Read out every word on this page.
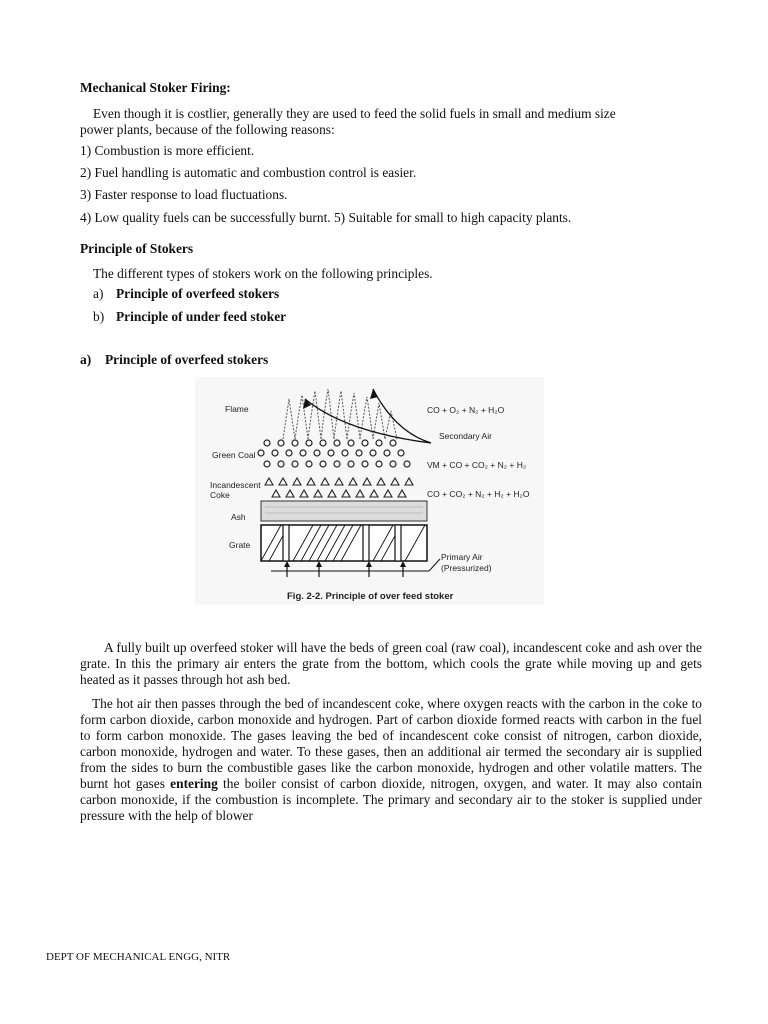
Mechanical Stoker Firing:
Even though it is costlier, generally they are used to feed the solid fuels in small and medium size
power plants, because of the following reasons:
1) Combustion is more efficient.
2) Fuel handling is automatic and combustion control is easier.
3) Faster response to load fluctuations.
4) Low quality fuels can be successfully burnt. 5) Suitable for small to high capacity plants.
Principle of Stokers
The different types of stokers work on the following principles.
a) Principle of overfeed stokers
b) Principle of under feed stoker
a) Principle of overfeed stokers
Flame
Green Coal
Incandescent
Coke
Ash
Grate
CO + O₂ + N₂ + H₂O
Secondary Air
VM + CO + CO₂ + N₂ + H₂
CO + CO₂ + N₂ + H₂ + H₂O
Primary Air
(Pressurized)
Fig. 2-2. Principle of over feed stoker
A fully built up overfeed stoker will have the beds of green coal (raw coal), incandescent coke and ash over the grate. In this the primary air enters the grate from the bottom, which cools the grate while moving up and gets heated as it passes through hot ash bed.
The hot air then passes through the bed of incandescent coke, where oxygen reacts with the carbon in the coke to form carbon dioxide, carbon monoxide and hydrogen. Part of carbon dioxide formed reacts with carbon in the fuel to form carbon monoxide. The gases leaving the bed of incandescent coke consist of nitrogen, carbon dioxide, carbon monoxide, hydrogen and water. To these gases, then an additional air termed the secondary air is supplied from the sides to burn the combustible gases like the carbon monoxide, hydrogen and other volatile matters. The burnt hot gases entering the boiler consist of carbon dioxide, nitrogen, oxygen, and water. It may also contain carbon monoxide, if the combustion is incomplete. The primary and secondary air to the stoker is supplied under pressure with the help of blower
DEPT OF MECHANICAL ENGG, NITR
